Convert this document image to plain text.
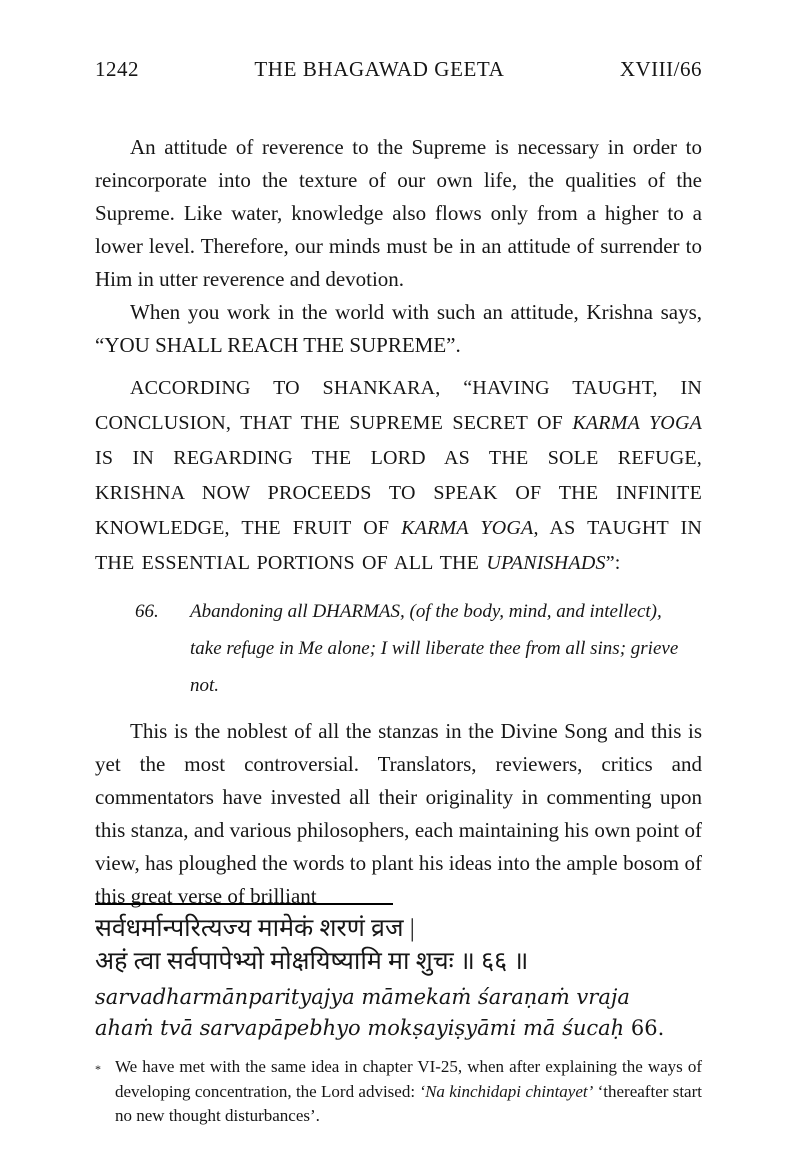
1242	THE BHAGAWAD GEETA	XVIII/66

An attitude of reverence to the Supreme is necessary in order to reincorporate into the texture of our own life, the qualities of the Supreme. Like water, knowledge also flows only from a higher to a lower level. Therefore, our minds must be in an attitude of surrender to Him in utter reverence and devotion.

When you work in the world with such an attitude, Krishna says, “YOU SHALL REACH THE SUPREME”.

ACCORDING TO SHANKARA, “HAVING TAUGHT, IN CONCLUSION, THAT THE SUPREME SECRET OF KARMA YOGA IS IN REGARDING THE LORD AS THE SOLE REFUGE, KRISHNA NOW PROCEEDS TO SPEAK OF THE INFINITE KNOWLEDGE, THE FRUIT OF KARMA YOGA, AS TAUGHT IN THE ESSENTIAL PORTIONS OF ALL THE UPANISHADS”:

66.	Abandoning all DHARMAS, (of the body, mind, and intellect), take refuge in Me alone; I will liberate thee from all sins; grieve not.

This is the noblest of all the stanzas in the Divine Song and this is yet the most controversial. Translators, reviewers, critics and commentators have invested all their originality in commenting upon this stanza, and various philosophers, each maintaining his own point of view, has ploughed the words to plant his ideas into the ample bosom of this great verse of brilliant

सर्वधर्मान्परित्यज्य मामेकं शरणं व्रज |

अहं त्वा सर्वपापेभ्यो मोक्षयिष्यामि मा शुचः ॥ ६६ ॥

sarvadharmānparityajya māmekaṁ śaraṇaṁ vraja

ahaṁ tvā sarvapāpebhyo mokṣayiṣyāmi mā śucaḥ 66.

* We have met with the same idea in chapter VI-25, when after explaining the ways of developing concentration, the Lord advised: ‘Na kinchidapi chintayet’ ‘thereafter start no new thought disturbances’.
